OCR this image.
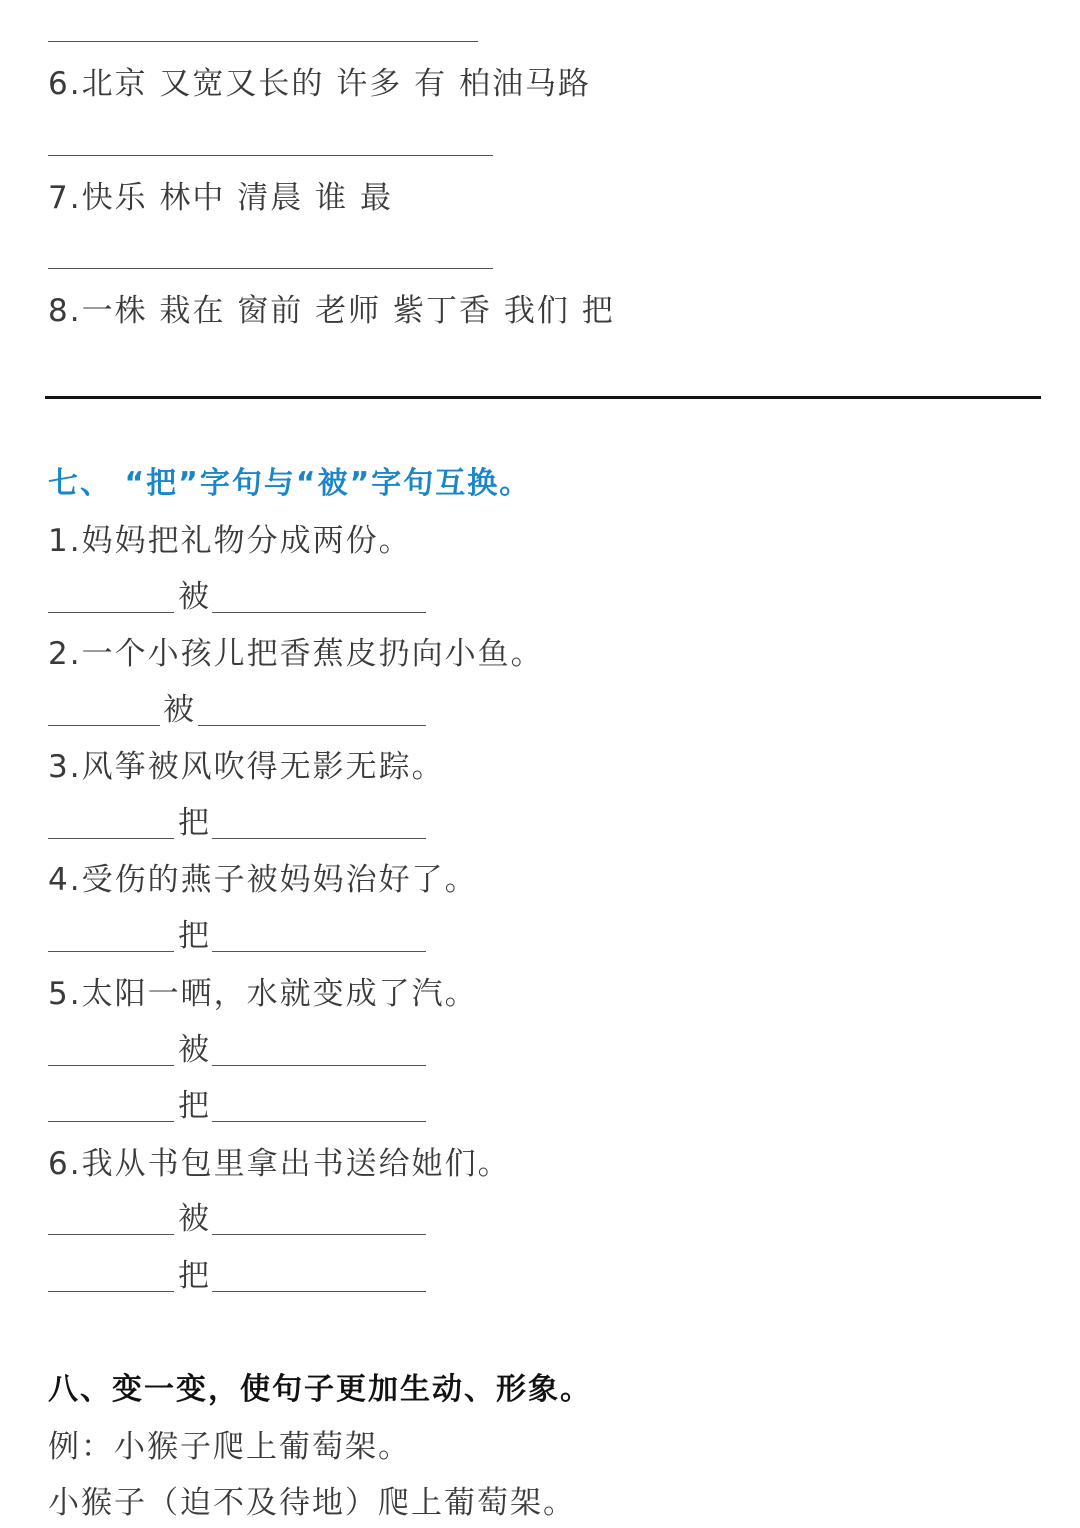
6.北京 又宽又长的 许多 有 柏油马路
7.快乐 林中 清晨 谁 最
8.一株 栽在 窗前 老师 紫丁香 我们 把
七、 “把”字句与“被”字句互换。
1.妈妈把礼物分成两份。
被
2.一个小孩儿把香蕉皮扔向小鱼。
被
3.风筝被风吹得无影无踪。
把
4.受伤的燕子被妈妈治好了。
把
5.太阳一晒，水就变成了汽。
被
把
6.我从书包里拿出书送给她们。
被
把
八、变一变，使句子更加生动、形象。
例：小猴子爬上葡萄架。
小猴子（迫不及待地）爬上葡萄架。
